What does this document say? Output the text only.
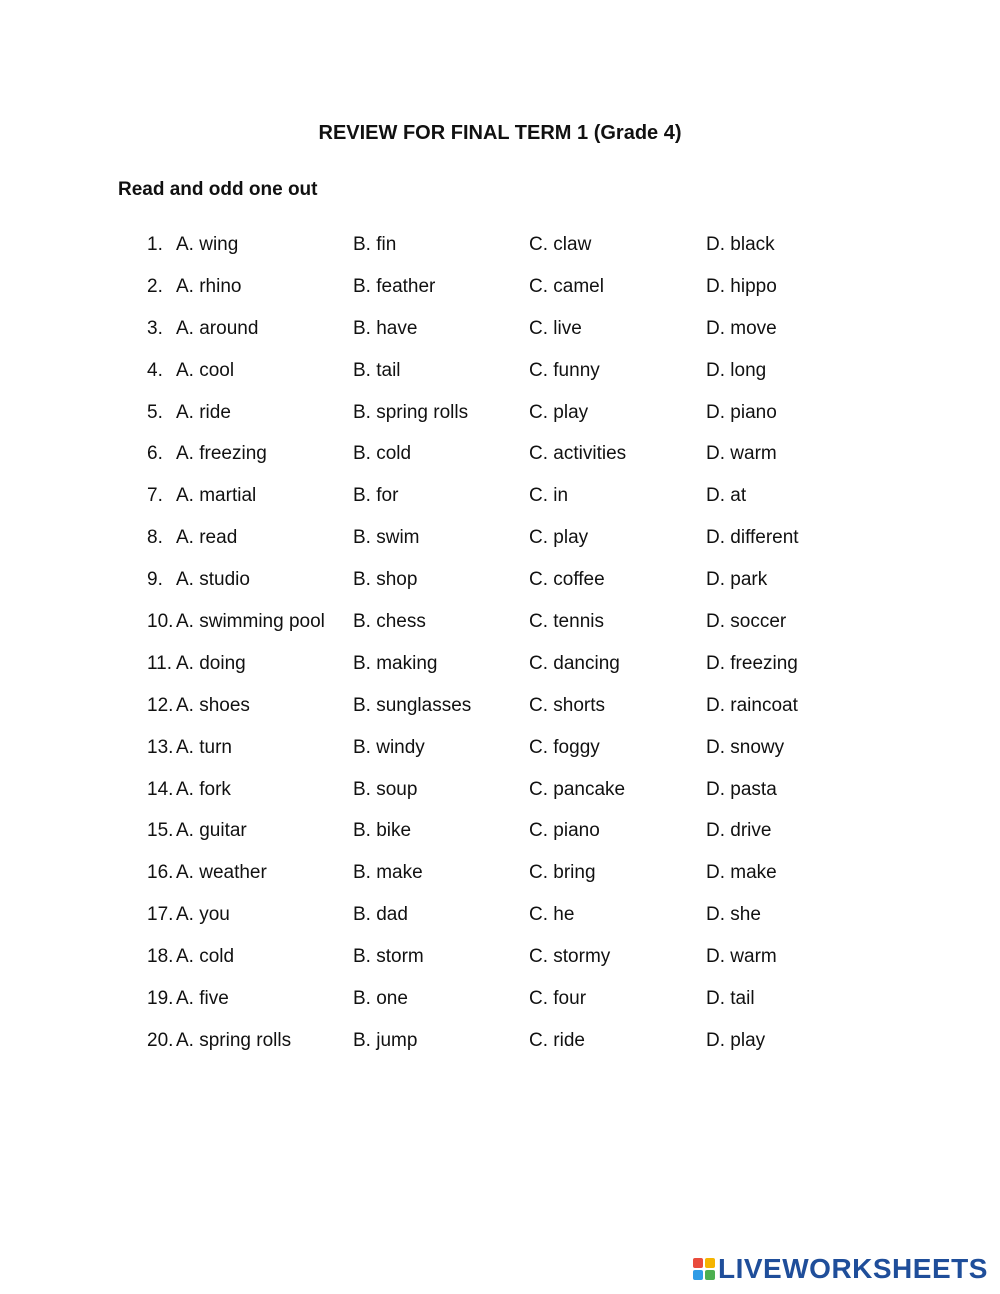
REVIEW FOR FINAL TERM 1 (Grade 4)
Read and odd one out
1. A. wing	B. fin	C. claw	D. black
2. A. rhino	B. feather	C. camel	D. hippo
3. A. around	B. have	C. live	D. move
4. A. cool	B. tail	C. funny	D. long
5. A. ride	B. spring rolls	C. play	D. piano
6. A. freezing	B. cold	C. activities	D. warm
7. A. martial	B. for	C. in	D. at
8. A. read	B. swim	C. play	D. different
9. A. studio	B. shop	C. coffee	D. park
10. A. swimming pool B. chess	C. tennis	D. soccer
11. A. doing	B. making	C. dancing	D. freezing
12. A. shoes	B. sunglasses	C. shorts	D. raincoat
13. A. turn	B. windy	C. foggy	D. snowy
14. A. fork	B. soup	C. pancake	D. pasta
15. A. guitar	B. bike	C. piano	D. drive
16. A. weather	B. make	C. bring	D. make
17. A. you	B. dad	C. he	D. she
18. A. cold	B. storm	C. stormy	D. warm
19. A. five	B. one	C. four	D. tail
20. A. spring rolls	B. jump	C. ride	D. play
LIVEWORKSHEETS
